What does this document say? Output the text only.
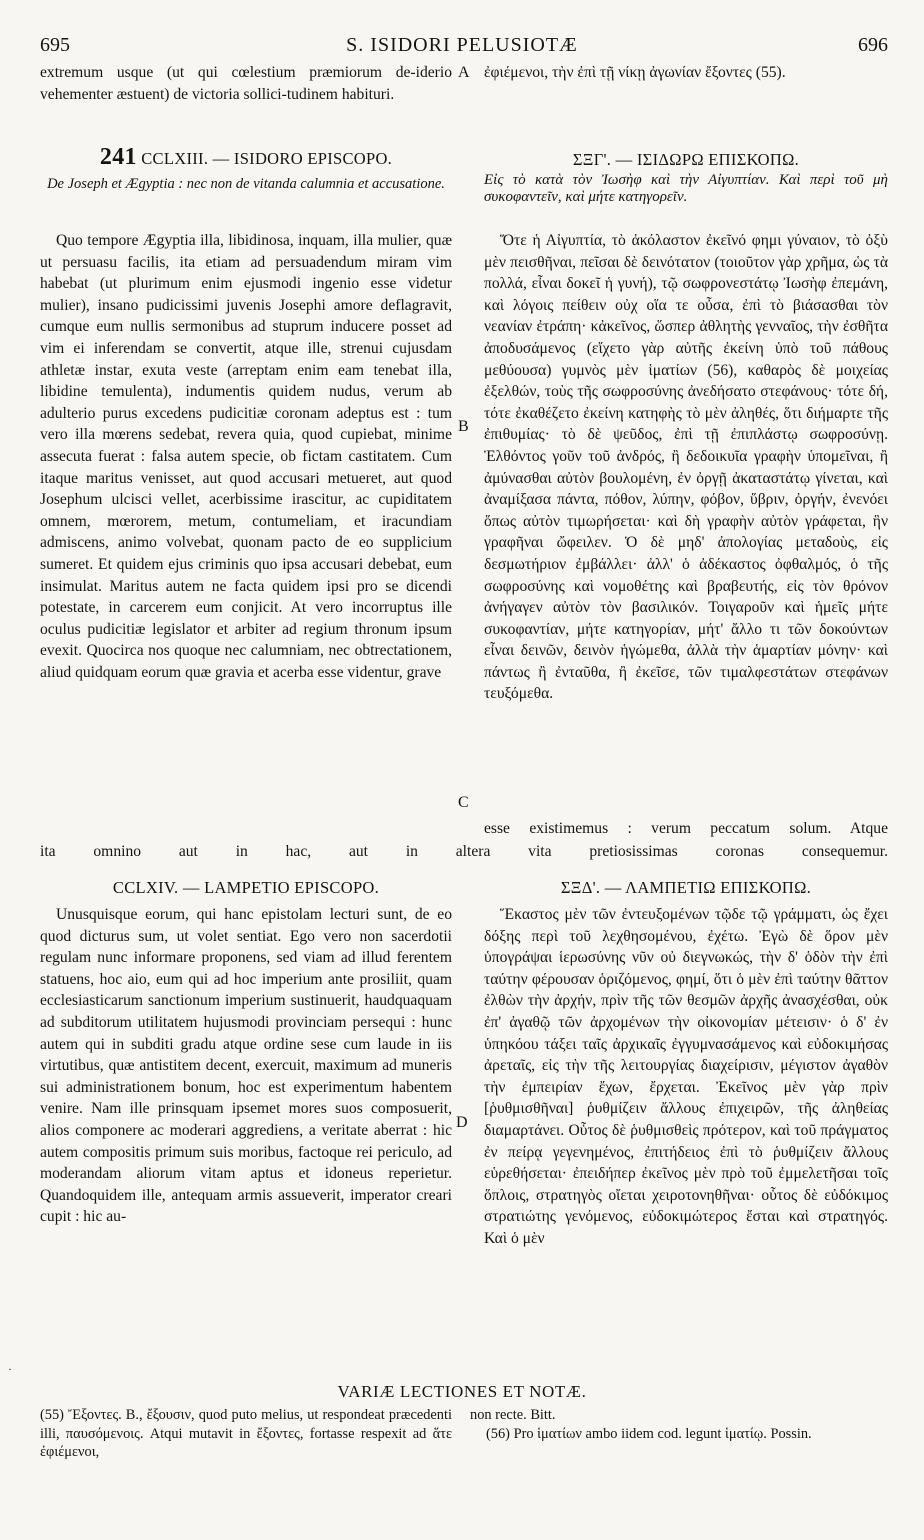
695	S. ISIDORI PELUSIOTÆ	696
extremum usque (ut qui cœlestium præmiorum de-iderio vehementer æstuent) de victoria sollici-tudinem habituri.
ἐφιέμενοι, τὴν ἐπὶ τῇ νίκῃ ἀγωνίαν ἔξοντες (55).
A
241 CCLXIII. — ISIDORO EPISCOPO.
De Joseph et Ægyptia : nec non de vitanda calumnia et accusatione.
ΣΞΓ'. — ΙΣΙΔΩΡΩ ΕΠΙΣΚΟΠΩ.
Εἰς τὸ κατὰ τὸν Ἰωσὴφ καὶ τὴν Αἰγυπτίαν. Καὶ περὶ τοῦ μὴ συκοφαντεῖν, καὶ μήτε κατηγορεῖν.
Quo tempore Ægyptia illa, libidinosa, inquam, illa mulier, quæ ut persuasu facilis, ita etiam ad persuadendum miram vim habebat (ut plurimum enim ejusmodi ingenio esse videtur mulier), insano pudicissimi juvenis Josephi amore deflagravit, cumque eum nullis sermonibus ad stuprum inducere posset ad vim ei inferendam se convertit, atque ille, strenui cujusdam athletæ instar, exuta veste (arreptam enim eam tenebat illa, libidine temulenta), indumentis quidem nudus, verum ab adulterio purus excedens pudicitiæ coronam adeptus est : tum vero illa mœrens sedebat, revera quia, quod cupiebat, minime assecuta fuerat : falsa autem specie, ob fictam castitatem. Cum itaque maritus venisset, aut quod accusari metueret, aut quod Josephum ulcisci vellet, acerbissime irascitur, ac cupiditatem omnem, mœrorem, metum, contumeliam, et iracundiam admiscens, animo volvebat, quonam pacto de eo supplicium sumeret. Et quidem ejus criminis quo ipsa accusari debebat, eum insimulat. Maritus autem ne facta quidem ipsi pro se dicendi potestate, in carcerem eum conjicit. At vero incorruptus ille oculus pudicitiæ legislator et arbiter ad regium thronum ipsum evexit. Quocirca nos quoque nec calumniam, nec obtrectationem, aliud quidquam eorum quæ gravia et acerba esse videntur, grave
Ὅτε ἡ Αἰγυπτία, τὸ ἀκόλαστον ἐκεῖνό φημι γύναιον, τὸ ὀξὺ μὲν πεισθῆναι, πεῖσαι δὲ δεινότατον (τοιοῦτον γὰρ χρῆμα, ὡς τὰ πολλά, εἶναι δοκεῖ ἡ γυνή), τῷ σωφρονεστάτῳ Ἰωσὴφ ἐπεμάνη, καὶ λόγοις πείθειν οὐχ οἵα τε οὖσα, ἐπὶ τὸ βιάσασθαι τὸν νεανίαν ἐτράπη· κἀκεῖνος, ὥσπερ ἀθλητὴς γενναῖος, τὴν ἐσθῆτα ἀποδυσάμενος (εἴχετο γὰρ αὐτῆς ἐκείνη ὑπὸ τοῦ πάθους μεθύουσα) γυμνὸς μὲν ἱματίων (56), καθαρὸς δὲ μοιχείας ἐξελθών, τοὺς τῆς σωφροσύνης ἀνεδήσατο στεφάνους· τότε δή, τότε ἐκαθέζετο ἐκείνη κατηφὴς τὸ μὲν ἀληθές, ὅτι διήμαρτε τῆς ἐπιθυμίας· τὸ δὲ ψεῦδος, ἐπὶ τῇ ἐπιπλάστῳ σωφροσύνῃ. Ἐλθόντος γοῦν τοῦ ἀνδρός, ἢ δεδοικυῖα γραφὴν ὑπομεῖναι, ἢ ἀμύνασθαι αὐτὸν βουλομένη, ἐν ὀργῇ ἀκαταστάτῳ γίνεται, καὶ ἀναμίξασα πάντα, πόθον, λύπην, φόβον, ὕβριν, ὀργήν, ἐνενόει ὅπως αὐτὸν τιμωρήσεται· καὶ δὴ γραφὴν αὐτὸν γράφεται, ἣν γραφῆναι ὤφειλεν. Ὁ δὲ μηδ' ἀπολογίας μεταδοὺς, εἰς δεσμωτήριον ἐμβάλλει· ἀλλ' ὁ ἀδέκαστος ὀφθαλμός, ὁ τῆς σωφροσύνης καὶ νομοθέτης καὶ βραβευτής, εἰς τὸν θρόνον ἀνήγαγεν αὐτὸν τὸν βασιλικόν. Τοιγαροῦν καὶ ἡμεῖς μήτε συκοφαντίαν, μήτε κατηγορίαν, μήτ' ἄλλο τι τῶν δοκούντων εἶναι δεινῶν, δεινὸν ἡγώμεθα, ἀλλὰ τὴν ἁμαρτίαν μόνην· καὶ πάντως ἢ ἐνταῦθα, ἢ ἐκεῖσε, τῶν τιμαλφεστάτων στεφάνων τευξόμεθα.
B
C
esse existimemus : verum peccatum solum. Atque
ita omnino aut in hac, aut in altera vita pretiosissimas coronas consequemur.
CCLXIV. — LAMPETIO EPISCOPO.	ΣΞΔ'. — ΛΑΜΠΕΤΙΩ ΕΠΙΣΚΟΠΩ.
Unusquisque eorum, qui hanc epistolam lecturi sunt, de eo quod dicturus sum, ut volet sentiat. Ego vero non sacerdotii regulam nunc informare proponens, sed viam ad illud ferentem statuens, hoc aio, eum qui ad hoc imperium ante prosiliit, quam ecclesiasticarum sanctionum imperium sustinuerit, haudquaquam ad subditorum utilitatem hujusmodi provinciam persequi : hunc autem qui in subditi gradu atque ordine sese cum laude in iis virtutibus, quæ antistitem decent, exercuit, maximum ad muneris sui administrationem bonum, hoc est experimentum habentem venire. Nam ille prinsquam ipsemet mores suos composuerit, alios componere ac moderari aggrediens, a veritate aberrat : hic autem compositis primum suis moribus, factoque rei periculo, ad moderandam aliorum vitam aptus et idoneus reperietur. Quandoquidem ille, antequam armis assueverit, imperator creari cupit : hic au-
Ἕκαστος μὲν τῶν ἐντευξομένων τῷδε τῷ γράμματι, ὡς ἔχει δόξης περὶ τοῦ λεχθησομένου, ἐχέτω. Ἐγὼ δὲ ὅρον μὲν ὑπογράψαι ἱερωσύνης νῦν οὐ διεγνωκώς, τὴν δ' ὁδὸν τὴν ἐπὶ ταύτην φέρουσαν ὁριζόμενος, φημί, ὅτι ὁ μὲν ἐπὶ ταύτην θᾶττον ἐλθὼν τὴν ἀρχήν, πρὶν τῆς τῶν θεσμῶν ἀρχῆς ἀνασχέσθαι, οὐκ ἐπ' ἀγαθῷ τῶν ἀρχομένων τὴν οἰκονομίαν μέτεισιν· ὁ δ' ἐν ὑπηκόου τάξει ταῖς ἀρχικαῖς ἐγγυμνασάμενος καὶ εὐδοκιμήσας ἀρεταῖς, εἰς τὴν τῆς λειτουργίας διαχείρισιν, μέγιστον ἀγαθὸν τὴν ἐμπειρίαν ἔχων, ἔρχεται. Ἐκεῖνος μὲν γὰρ πρὶν [ῥυθμισθῆναι] ῥυθμίζειν ἄλλους ἐπιχειρῶν, τῆς ἀληθείας διαμαρτάνει. Οὗτος δὲ ῥυθμισθεὶς πρότερον, καὶ τοῦ πράγματος ἐν πείρᾳ γεγενημένος, ἐπιτήδειος ἐπὶ τὸ ῥυθμίζειν ἄλλους εὑρεθήσεται· ἐπειδήπερ ἐκεῖνος μὲν πρὸ τοῦ ἐμμελετῆσαι τοῖς ὅπλοις, στρατηγὸς οἴεται χειροτονηθῆναι· οὗτος δὲ εὐδόκιμος στρατιώτης γενόμενος, εὐδοκιμώτερος ἔσται καὶ στρατηγός. Καὶ ὁ μὲν
D
·
VARIÆ LECTIONES ET NOTÆ.
(55) Ἔξοντες. B., ἔξουσιν, quod puto melius, ut respondeat præcedenti illi, παυσόμενοις. Atqui mutavit in ἔξοντες, fortasse respexit ad ἅτε ἐφιέμενοι,

non recte. Bitt.

(56) Pro ἱματίων ambo iidem cod. legunt ἱματίῳ. Possin.
